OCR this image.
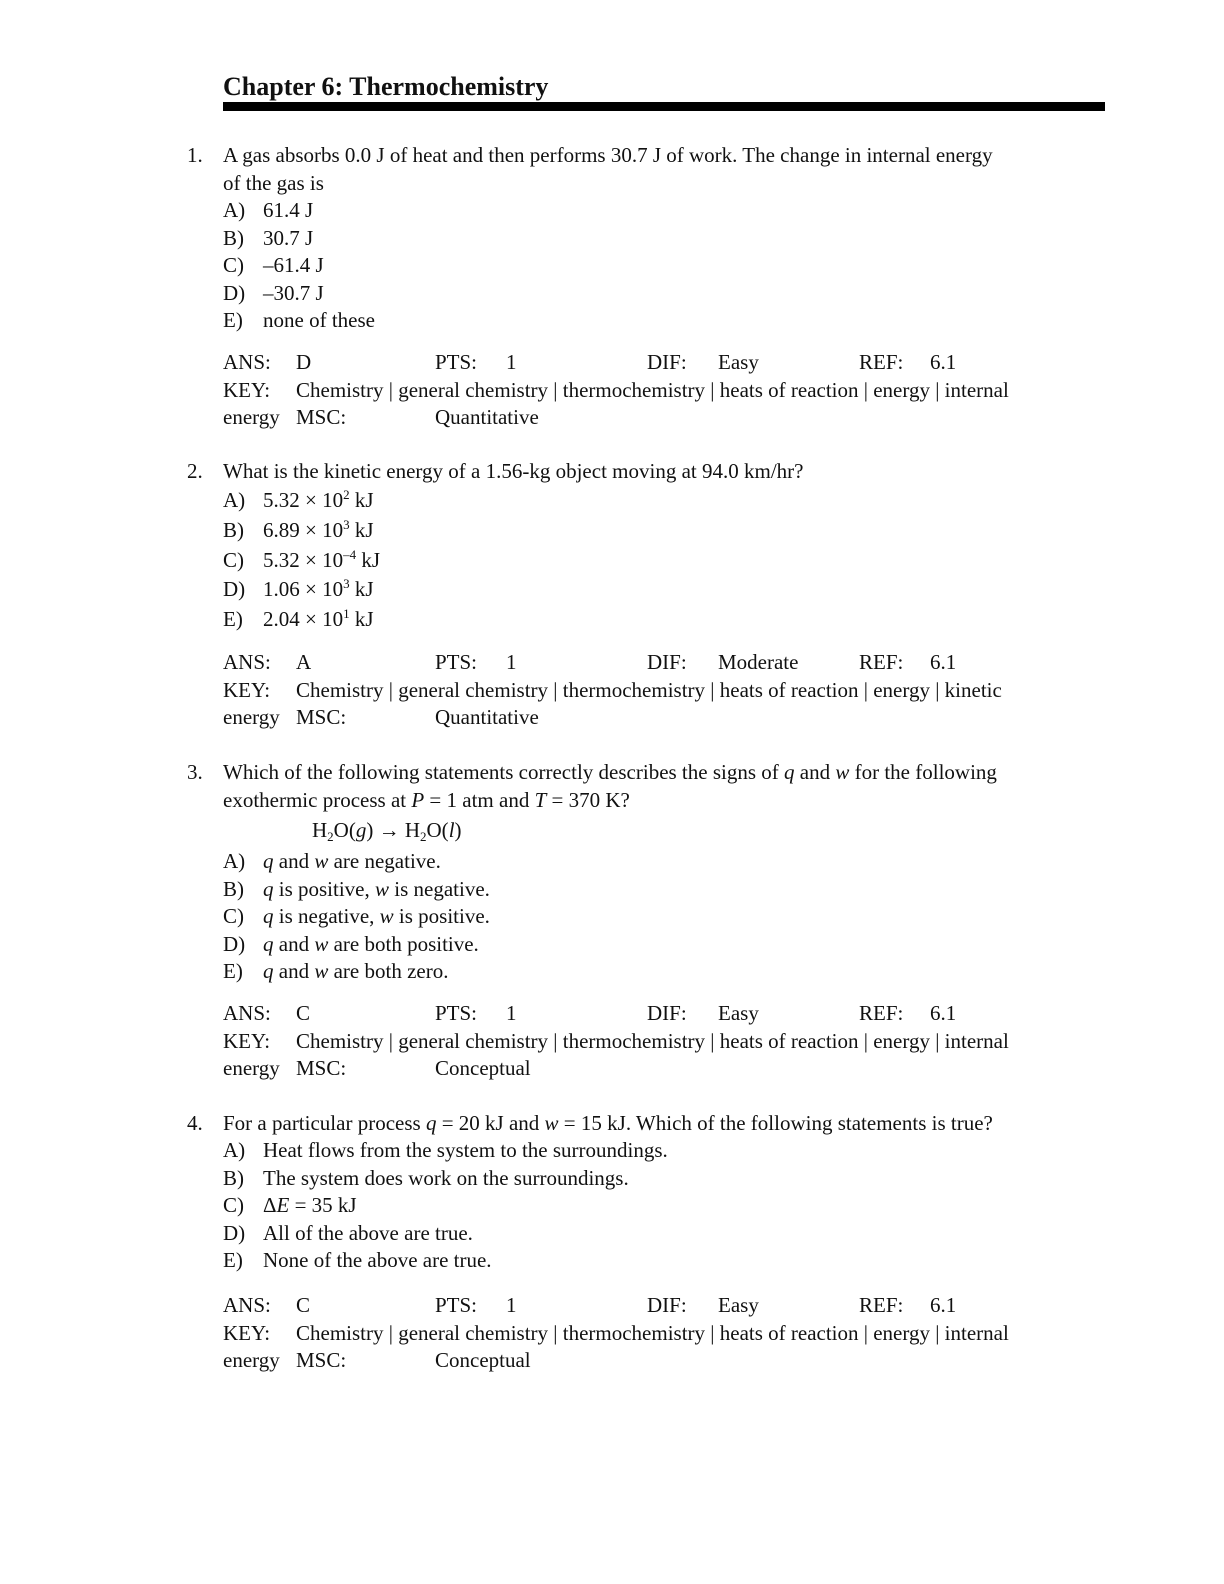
Chapter 6: Thermochemistry
1. A gas absorbs 0.0 J of heat and then performs 30.7 J of work. The change in internal energy
of the gas is
A) 61.4 J
B) 30.7 J
C) –61.4 J
D) –30.7 J
E) none of these
ANS: D	PTS: 1	DIF: Easy	REF: 6.1
KEY: Chemistry | general chemistry | thermochemistry | heats of reaction | energy | internal
energy MSC:	Quantitative
2. What is the kinetic energy of a 1.56-kg object moving at 94.0 km/hr?
A) $5.32 \times 10^2$ kJ
B) $6.89 \times 10^3$ kJ
C) $5.32 \times 10^{-4}$ kJ
D) $1.06 \times 10^3$ kJ
E) $2.04 \times 10^1$ kJ
ANS: A	PTS: 1	DIF: Moderate	REF: 6.1
KEY: Chemistry | general chemistry | thermochemistry | heats of reaction | energy | kinetic
energy MSC:	Quantitative
3. Which of the following statements correctly describes the signs of q and w for the following
exothermic process at P = 1 atm and T = 370 K?
$H_2O(g) \to H_2O(l)$
A) q and w are negative.
B) q is positive, w is negative.
C) q is negative, w is positive.
D) q and w are both positive.
E) q and w are both zero.
ANS: C	PTS: 1	DIF: Easy	REF: 6.1
KEY: Chemistry | general chemistry | thermochemistry | heats of reaction | energy | internal
energy MSC:	Conceptual
4. For a particular process q = 20 kJ and w = 15 kJ. Which of the following statements is true?
A) Heat flows from the system to the surroundings.
B) The system does work on the surroundings.
C) ΔE = 35 kJ
D) All of the above are true.
E) None of the above are true.
ANS: C	PTS: 1	DIF: Easy	REF: 6.1
KEY: Chemistry | general chemistry | thermochemistry | heats of reaction | energy | internal
energy MSC:	Conceptual
